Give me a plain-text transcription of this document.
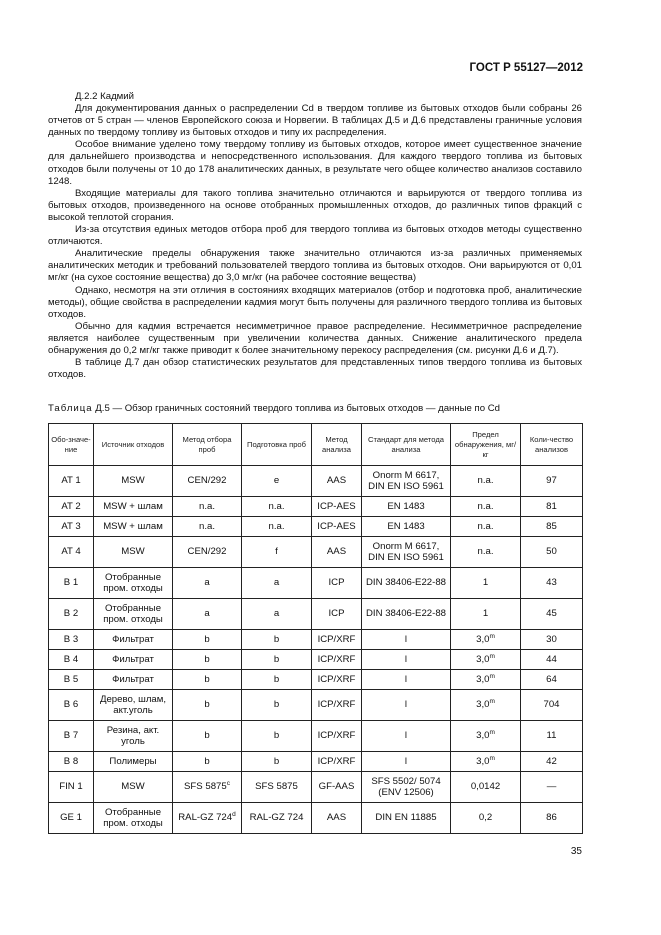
ГОСТ Р 55127—2012

Д.2.2 Кадмий

Для документирования данных о распределении Cd в твердом топливе из бытовых отходов были собраны 26 отчетов от 5 стран — членов Европейского союза и Норвегии. В таблицах Д.5 и Д.6 представлены граничные условия данных по твердому топливу из бытовых отходов и типу их распределения.

Особое внимание уделено тому твердому топливу из бытовых отходов, которое имеет существенное значение для дальнейшего производства и непосредственного использования. Для каждого твердого топлива из бытовых отходов были получены от 10 до 178 аналитических данных, в результате чего общее количество анализов составило 1248.

Входящие материалы для такого топлива значительно отличаются и варьируются от твердого топлива из бытовых отходов, произведенного на основе отобранных промышленных отходов, до различных типов фракций с высокой теплотой сгорания.

Из-за отсутствия единых методов отбора проб для твердого топлива из бытовых отходов методы существенно отличаются.

Аналитические пределы обнаружения также значительно отличаются из-за различных применяемых аналитических методик и требований пользователей твердого топлива из бытовых отходов. Они варьируются от 0,01 мг/кг (на сухое состояние вещества) до 3,0 мг/кг (на рабочее состояние вещества)

Однако, несмотря на эти отличия в состояниях входящих материалов (отбор и подготовка проб, аналитические методы), общие свойства в распределении кадмия могут быть получены для различного твердого топлива из бытовых отходов.

Обычно для кадмия встречается несимметричное правое распределение. Несимметричное распределение является наиболее существенным при увеличении количества данных. Снижение аналитического предела обнаружения до 0,2 мг/кг также приводит к более значительному перекосу распределения (см. рисунки Д.6 и Д.7).

В таблице Д.7 дан обзор статистических результатов для представленных типов твердого топлива из бытовых отходов.

Таблица Д.5 — Обзор граничных состояний твердого топлива из бытовых отходов — данные по Cd
Обо-значе-ние	Источник отходов	Метод отбора проб	Подготовка проб	Метод анализа	Стандарт для метода анализа	Предел обнаружения, мг/кг	Коли-чество анализов
AT 1	MSW	CEN/292	e	AAS	Onorm M 6617, DIN EN ISO 5961	n.a.	97
AT 2	MSW + шлам	n.a.	n.a.	ICP-AES	EN 1483	n.a.	81
AT 3	MSW + шлам	n.a.	n.a.	ICP-AES	EN 1483	n.a.	85
AT 4	MSW	CEN/292	f	AAS	Onorm M 6617, DIN EN ISO 5961	n.a.	50
B 1	Отобранные пром. отходы	a	a	ICP	DIN 38406-E22-88	1	43
B 2	Отобранные пром. отходы	a	a	ICP	DIN 38406-E22-88	1	45
B 3	Фильтрат	b	b	ICP/XRF	l	3,0$^m$	30
B 4	Фильтрат	b	b	ICP/XRF	l	3,0$^m$	44
B 5	Фильтрат	b	b	ICP/XRF	l	3,0$^m$	64
B 6	Дерево, шлам, акт.уголь	b	b	ICP/XRF	l	3,0$^m$	704
B 7	Резина, акт. уголь	b	b	ICP/XRF	l	3,0$^m$	11
B 8	Полимеры	b	b	ICP/XRF	l	3,0$^m$	42
FIN 1	MSW	SFS 5875$^c$	SFS 5875	GF-AAS	SFS 5502/ 5074 (ENV 12506)	0,0142	—
GE 1	Отобранные пром. отходы	RAL-GZ 724$^d$	RAL-GZ 724	AAS	DIN EN 11885	0,2	86
35
